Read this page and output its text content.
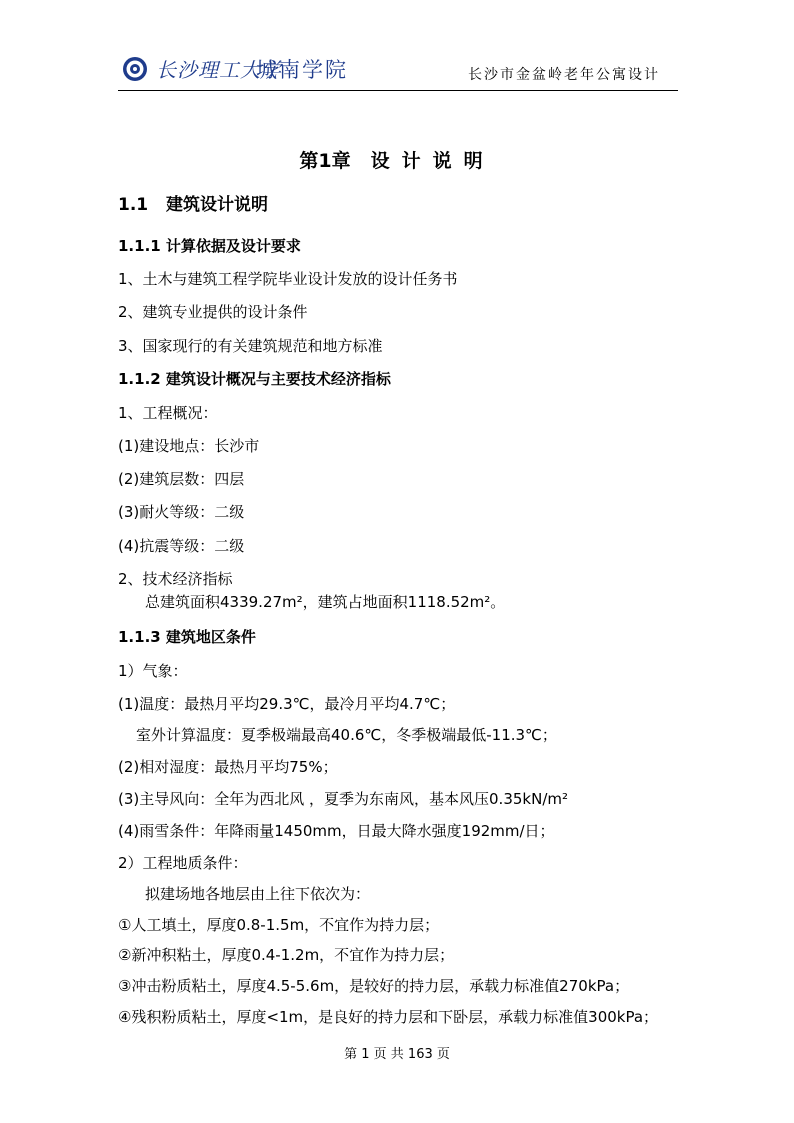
长沙理工大学
城南学院	长沙市金盆岭老年公寓设计
第1章 设计说明
1.1 建筑设计说明
1.1.1 计算依据及设计要求
1、土木与建筑工程学院毕业设计发放的设计任务书
2、建筑专业提供的设计条件
3、国家现行的有关建筑规范和地方标准
1.1.2 建筑设计概况与主要技术经济指标
1、工程概况：
(1)建设地点：长沙市
(2)建筑层数：四层
(3)耐火等级：二级
(4)抗震等级：二级
2、技术经济指标
总建筑面积4339.27m²，建筑占地面积1118.52m²。
1.1.3 建筑地区条件
1）气象：
(1)温度：最热月平均29.3℃，最冷月平均4.7℃；
室外计算温度：夏季极端最高40.6℃，冬季极端最低-11.3℃；
(2)相对湿度：最热月平均75%；
(3)主导风向：全年为西北风 ，夏季为东南风，基本风压0.35kN/m²
(4)雨雪条件：年降雨量1450mm，日最大降水强度192mm/日；
2）工程地质条件：
拟建场地各地层由上往下依次为：
①人工填土，厚度0.8-1.5m，不宜作为持力层；
②新冲积粘土，厚度0.4-1.2m，不宜作为持力层；
③冲击粉质粘土，厚度4.5-5.6m，是较好的持力层，承载力标准值270kPa；
④残积粉质粘土，厚度<1m，是良好的持力层和下卧层，承载力标准值300kPa；
第 1 页 共 163 页
